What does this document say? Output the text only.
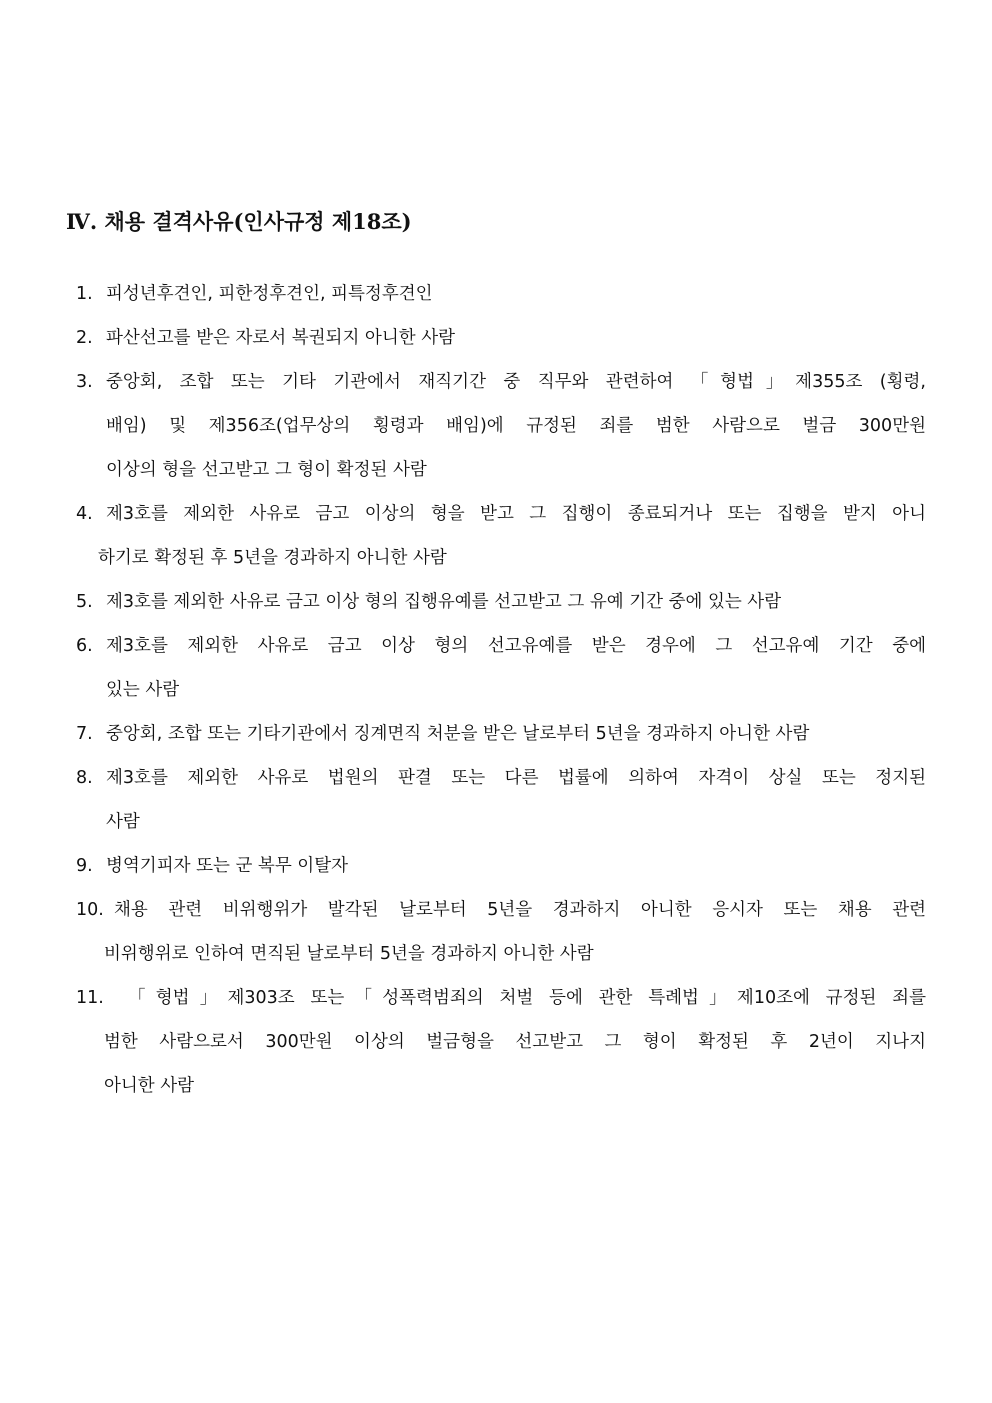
Ⅳ. 채용 결격사유(인사규정 제18조)
1. 피성년후견인, 피한정후견인, 피특정후견인
2. 파산선고를 받은 자로서 복권되지 아니한 사람
3. 중앙회, 조합 또는 기타 기관에서 재직기간 중 직무와 관련하여 「형법」제355조 (횡령,
배임) 및 제356조(업무상의 횡령과 배임)에 규정된 죄를 범한 사람으로 벌금 300만원
이상의 형을 선고받고 그 형이 확정된 사람
4. 제3호를 제외한 사유로 금고 이상의 형을 받고 그 집행이 종료되거나 또는 집행을 받지 아니
하기로 확정된 후 5년을 경과하지 아니한 사람
5. 제3호를 제외한 사유로 금고 이상 형의 집행유예를 선고받고 그 유예 기간 중에 있는 사람
6. 제3호를 제외한 사유로 금고 이상 형의 선고유예를 받은 경우에 그 선고유예 기간 중에
있는 사람
7. 중앙회, 조합 또는 기타기관에서 징계면직 처분을 받은 날로부터 5년을 경과하지 아니한 사람
8. 제3호를 제외한 사유로 법원의 판결 또는 다른 법률에 의하여 자격이 상실 또는 정지된
사람
9. 병역기피자 또는 군 복무 이탈자
10. 채용 관련 비위행위가 발각된 날로부터 5년을 경과하지 아니한 응시자 또는 채용 관련
비위행위로 인하여 면직된 날로부터 5년을 경과하지 아니한 사람
11.	「형법」제303조 또는「성폭력범죄의 처벌 등에 관한 특례법」제10조에 규정된 죄를
범한 사람으로서 300만원 이상의 벌금형을 선고받고 그 형이 확정된 후 2년이 지나지
아니한 사람
